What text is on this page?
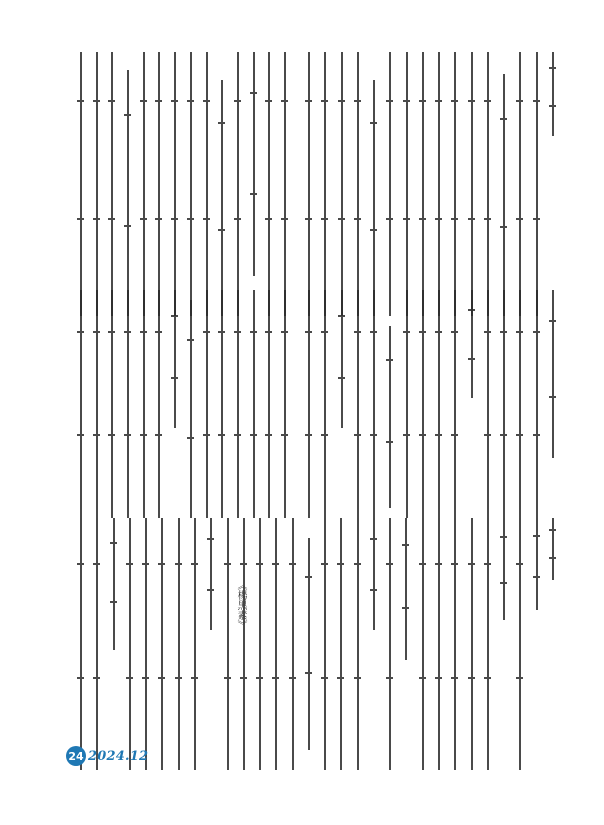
《楊黑素》
24 2024.12
